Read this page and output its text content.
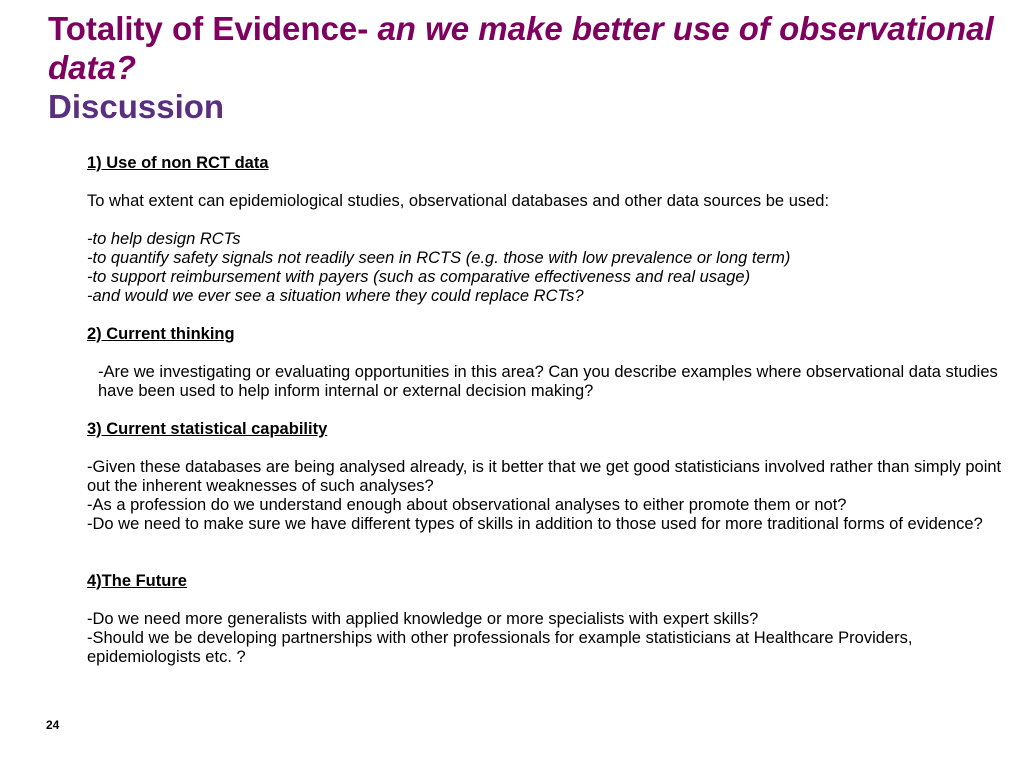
Totality of Evidence- an we make better use of observational data?
Discussion

1) Use of non RCT data

To what extent can epidemiological studies, observational databases and other data sources be used:

-to help design RCTs

-to quantify safety signals not readily seen in RCTS (e.g. those with low prevalence or long term)

-to support reimbursement with payers (such as comparative effectiveness and real usage)

-and would we ever see a situation where they could replace RCTs?

2) Current thinking

-Are we investigating or evaluating opportunities in this area? Can you describe examples where observational data studies have been used to help inform internal or external decision making?

3) Current statistical capability

-Given these databases are being analysed already, is it better that we get good statisticians involved rather than simply point out the inherent weaknesses of such analyses?

-As a profession do we understand enough about observational analyses to either promote them or not?

-Do we need to make sure we have different types of skills in addition to those used for more traditional forms of evidence?

4)The Future

-Do we need more generalists with applied knowledge or more specialists with expert skills?

-Should we be developing partnerships with other professionals for example statisticians at Healthcare Providers, epidemiologists etc. ?

24
